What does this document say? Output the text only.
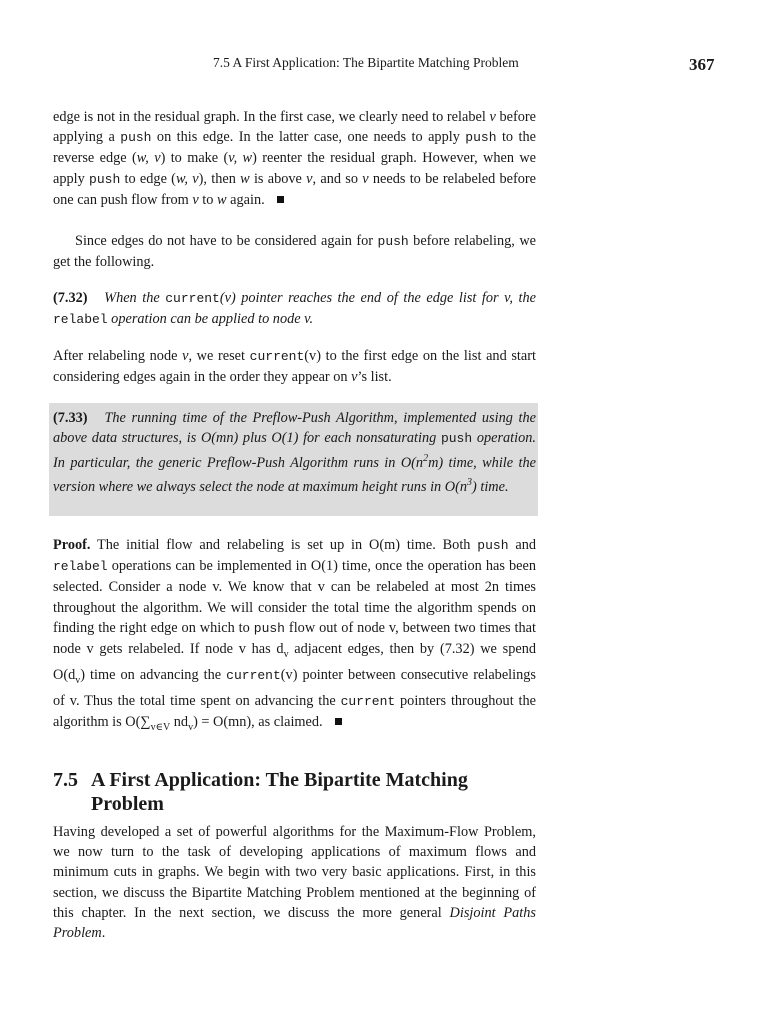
7.5 A First Application: The Bipartite Matching Problem	367

edge is not in the residual graph. In the first case, we clearly need to relabel v before applying a push on this edge. In the latter case, one needs to apply push to the reverse edge (w, v) to make (v, w) reenter the residual graph. However, when we apply push to edge (w, v), then w is above v, and so v needs to be relabeled before one can push flow from v to w again.

Since edges do not have to be considered again for push before relabeling, we get the following.

(7.32) When the current(v) pointer reaches the end of the edge list for v, the relabel operation can be applied to node v.

After relabeling node v, we reset current(v) to the first edge on the list and start considering edges again in the order they appear on v’s list.

(7.33) The running time of the Preflow-Push Algorithm, implemented using the above data structures, is O(mn) plus O(1) for each nonsaturating push operation. In particular, the generic Preflow-Push Algorithm runs in $O(n^2m)$ time, while the version where we always select the node at maximum height runs in $O(n^3)$ time.

Proof. The initial flow and relabeling is set up in O(m) time. Both push and relabel operations can be implemented in O(1) time, once the operation has been selected. Consider a node v. We know that v can be relabeled at most 2n times throughout the algorithm. We will consider the total time the algorithm spends on finding the right edge on which to push flow out of node v, between two times that node v gets relabeled. If node v has $d_v$ adjacent edges, then by (7.32) we spend $O(d_v)$ time on advancing the current(v) pointer between consecutive relabelings of v. Thus the total time spent on advancing the current pointers throughout the algorithm is $O(\sum_{v\in V}$ $nd_v) = O(mn)$, as claimed.

7.5 A First Application: The Bipartite Matching
Problem

Having developed a set of powerful algorithms for the Maximum-Flow Problem, we now turn to the task of developing applications of maximum flows and minimum cuts in graphs. We begin with two very basic applications. First, in this section, we discuss the Bipartite Matching Problem mentioned at the beginning of this chapter. In the next section, we discuss the more general Disjoint Paths Problem.
